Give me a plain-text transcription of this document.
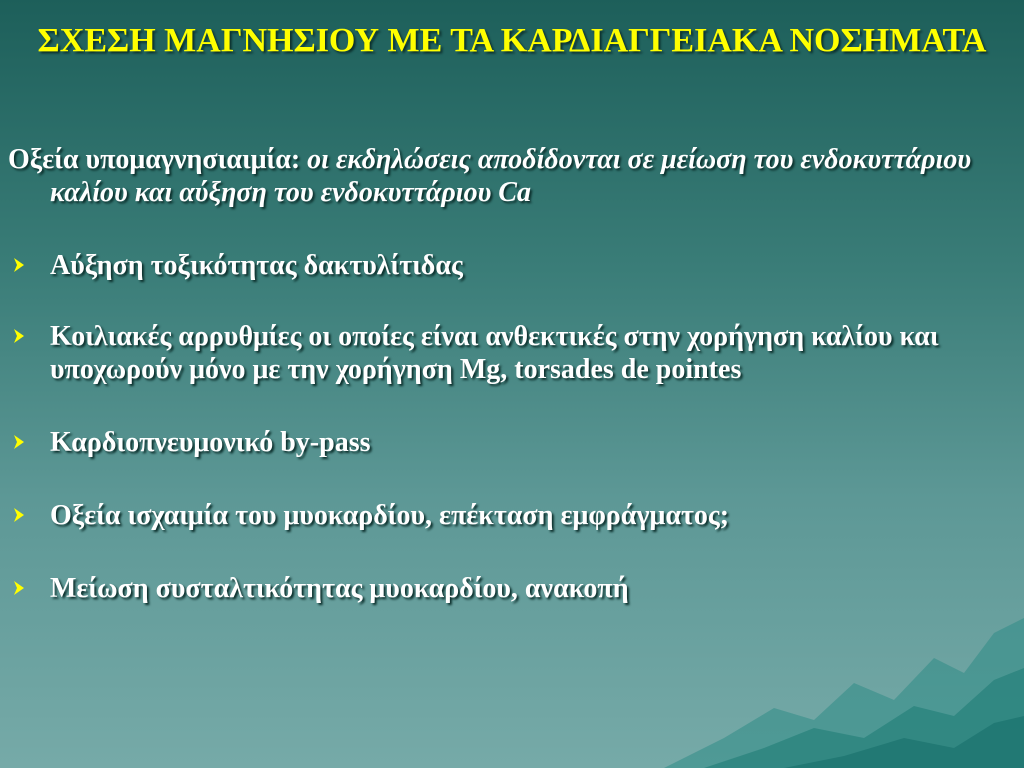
ΣΧΕΣΗ ΜΑΓΝΗΣΙΟΥ ΜΕ ΤΑ ΚΑΡΔΙΑΓΓΕΙΑΚΑ ΝΟΣΗΜΑΤΑ
Οξεία υπομαγνησιαιμία: οι εκδηλώσεις αποδίδονται σε μείωση του ενδοκυττάριου καλίου και αύξηση του ενδοκυττάριου Ca
Αύξηση τοξικότητας δακτυλίτιδας
Κοιλιακές αρρυθμίες οι οποίες είναι ανθεκτικές στην χορήγηση καλίου και υποχωρούν μόνο με την χορήγηση Mg, torsades de pointes
Καρδιοπνευμονικό by-pass
Οξεία ισχαιμία του μυοκαρδίου, επέκταση εμφράγματος;
Μείωση συσταλτικότητας μυοκαρδίου, ανακοπή
